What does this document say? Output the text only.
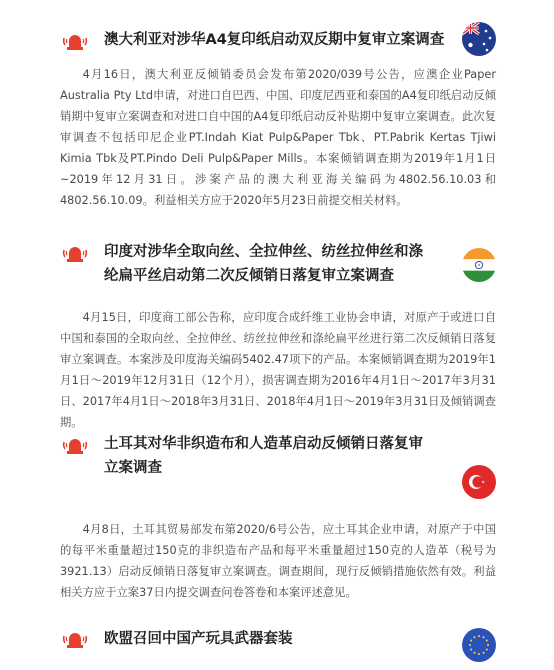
澳大利亚对涉华A4复印纸启动双反期中复审立案调查

4月16日，澳大利亚反倾销委员会发布第2020/039号公告，应澳企业Paper Australia Pty Ltd申请，对进口自巴西、中国、印度尼西亚和泰国的A4复印纸启动反倾销期中复审立案调查和对进口自中国的A4复印纸启动反补贴期中复审立案调查。此次复审调查不包括印尼企业PT.Indah Kiat Pulp&Paper Tbk、PT.Pabrik Kertas Tjiwi Kimia Tbk及PT.Pindo Deli Pulp&Paper Mills。本案倾销调查期为2019年1月1日~2019年12月31日。涉案产品的澳大利亚海关编码为4802.56.10.03和4802.56.10.09。利益相关方应于2020年5月23日前提交相关材料。

印度对涉华全取向丝、全拉伸丝、纺丝拉伸丝和涤纶扁平丝启动第二次反倾销日落复审立案调查

4月15日，印度商工部公告称，应印度合成纤维工业协会申请，对原产于或进口自中国和泰国的全取向丝、全拉伸丝、纺丝拉伸丝和涤纶扁平丝进行第二次反倾销日落复审立案调查。本案涉及印度海关编码5402.47项下的产品。本案倾销调查期为2019年1月1日～2019年12月31日（12个月），损害调查期为2016年4月1日～2017年3月31日、2017年4月1日～2018年3月31日、2018年4月1日～2019年3月31日及倾销调查期。

土耳其对华非织造布和人造革启动反倾销日落复审立案调查

4月8日，土耳其贸易部发布第2020/6号公告，应土耳其企业申请，对原产于中国的每平米重量超过150克的非织造布产品和每平米重量超过150克的人造革（税号为3921.13）启动反倾销日落复审立案调查。调查期间，现行反倾销措施依然有效。利益相关方应于立案37日内提交调查问卷答卷和本案评述意见。

欧盟召回中国产玩具武器套装
